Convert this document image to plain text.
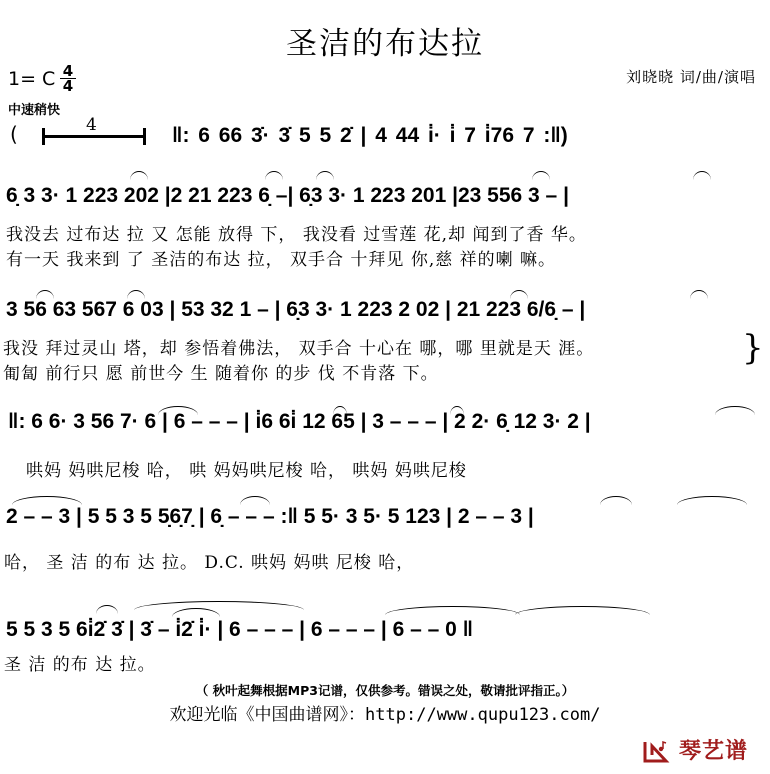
圣洁的布达拉
刘晓晓 词/曲/演唱
1= C $\frac{4}{4}$
中速稍快
(	4	‖: 6 66 3̇· 3̇ 5 5 2̇ | 4 44 i̇· i̇ 7 i̇76 7 :‖)
6̣ 3 3· 1 223 202 |2 21 223 6̣ –| 6̣3 3· 1 223 201 |23 556 3 – |
我没去 过布达 拉 又 怎能 放得 下， 我没看 过雪莲 花,却 闻到了香 华。
有一天 我来到 了 圣洁的布达 拉， 双手合 十拜见 你,慈 祥的喇 嘛。
3 56 63 567 6 03 | 53 32 1 – | 6̣3 3· 1 223 2 02 | 21 223 6/6̣ – |
我没 拜过灵山 塔，却 参悟着佛法， 双手合 十心在 哪，哪 里就是天 涯。
匍匐 前行只 愿 前世今 生 随着你 的步 伐 不肯落 下。
}
‖: 6 6· 3 56 7· 6 | 6 – – – | i̇6 6i̇ 12 65 | 3 – – – | 2 2· 6̣ 12 3· 2 |
哄妈 妈哄尼梭 哈， 哄 妈妈哄尼梭 哈， 哄妈 妈哄尼梭
2 – – 3 | 5 5 3 5 5̣6̣7̣ | 6̣ – – – :‖ 5 5· 3 5· 5 123 | 2 – – 3 |
哈， 圣 洁 的布 达 拉。 D.C. 哄妈 妈哄 尼梭 哈，
5 5 3 5 6i̇2̇ 3̇ | 3̇ – i̇2̇ i̇· | 6 – – – | 6 – – – | 6 – – 0 ‖
圣 洁 的布 达 拉。
（ 秋叶起舞根据MP3记谱，仅供参考。错误之处，敬请批评指正。）
欢迎光临《中国曲谱网》：http://www.qupu123.com/
琴艺谱
